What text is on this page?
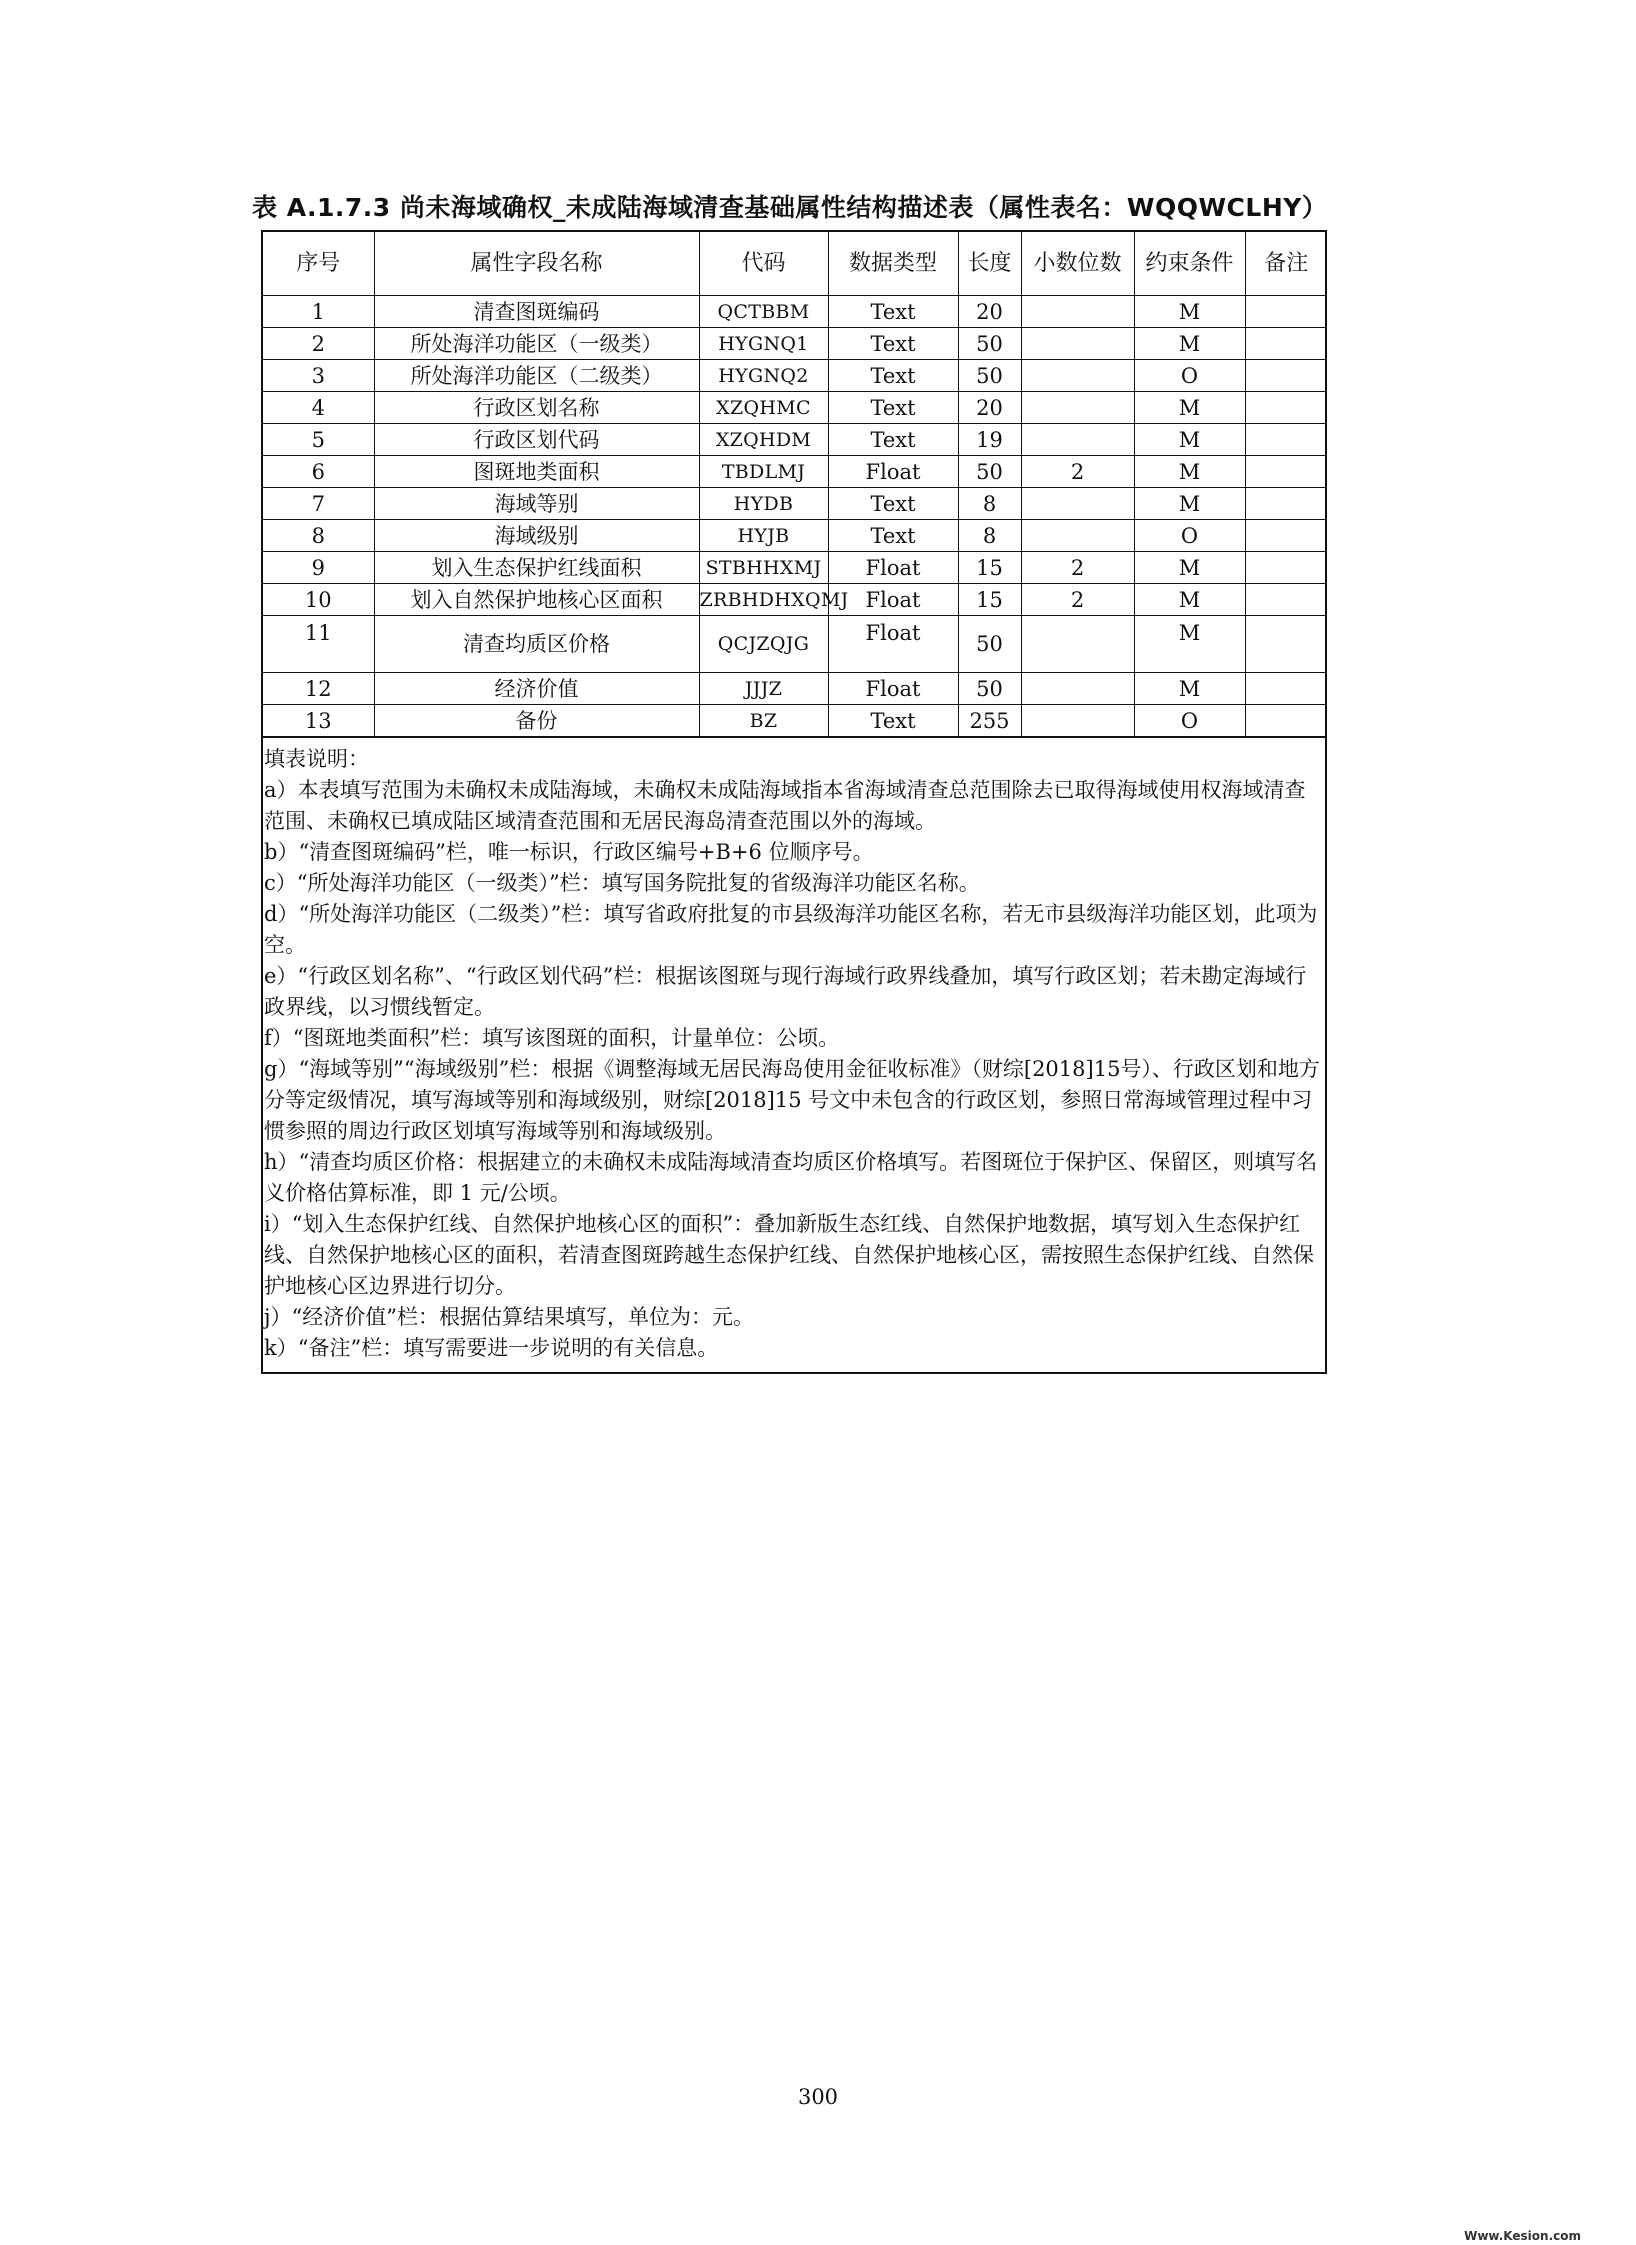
表 A.1.7.3 尚未海域确权_未成陆海域清查基础属性结构描述表（属性表名：WQQWCLHY）
序号	属性字段名称	代码	数据类型	长度	小数位数	约束条件	备注
1	清查图斑编码	QCTBBM	Text	20		M	
2	所处海洋功能区（一级类）	HYGNQ1	Text	50		M	
3	所处海洋功能区（二级类）	HYGNQ2	Text	50		O	
4	行政区划名称	XZQHMC	Text	20		M	
5	行政区划代码	XZQHDM	Text	19		M	
6	图斑地类面积	TBDLMJ	Float	50	2	M	
7	海域等别	HYDB	Text	8		M	
8	海域级别	HYJB	Text	8		O	
9	划入生态保护红线面积	STBHHXMJ	Float	15	2	M	
10	划入自然保护地核心区面积	ZRBHDHXQMJ	Float	15	2	M	
11	清查均质区价格	QCJZQJG	Float	50		M	
12	经济价值	JJJZ	Float	50		M	
13	备份	BZ	Text	255		O	

填表说明：

a）本表填写范围为未确权未成陆海域，未确权未成陆海域指本省海域清查总范围除去已取得海域使用权海域清查范围、未确权已填成陆区域清查范围和无居民海岛清查范围以外的海域。

b）“清查图斑编码”栏，唯一标识，行政区编号+B+6 位顺序号。

c）“所处海洋功能区（一级类）”栏：填写国务院批复的省级海洋功能区名称。

d）“所处海洋功能区（二级类）”栏：填写省政府批复的市县级海洋功能区名称，若无市县级海洋功能区划，此项为空。

e）“行政区划名称”、“行政区划代码”栏：根据该图斑与现行海域行政界线叠加，填写行政区划；若未勘定海域行政界线，以习惯线暂定。

f）“图斑地类面积”栏：填写该图斑的面积，计量单位：公顷。

g）“海域等别”“海域级别”栏：根据《调整海域无居民海岛使用金征收标准》（财综[2018]15号）、行政区划和地方分等定级情况，填写海域等别和海域级别，财综[2018]15 号文中未包含的行政区划，参照日常海域管理过程中习惯参照的周边行政区划填写海域等别和海域级别。

h）“清查均质区价格：根据建立的未确权未成陆海域清查均质区价格填写。若图斑位于保护区、保留区，则填写名义价格估算标准，即 1 元/公顷。

i）“划入生态保护红线、自然保护地核心区的面积”：叠加新版生态红线、自然保护地数据，填写划入生态保护红线、自然保护地核心区的面积，若清查图斑跨越生态保护红线、自然保护地核心区，需按照生态保护红线、自然保护地核心区边界进行切分。

j）“经济价值”栏：根据估算结果填写，单位为：元。

k）“备注”栏：填写需要进一步说明的有关信息。

300
Www.Kesion.com
